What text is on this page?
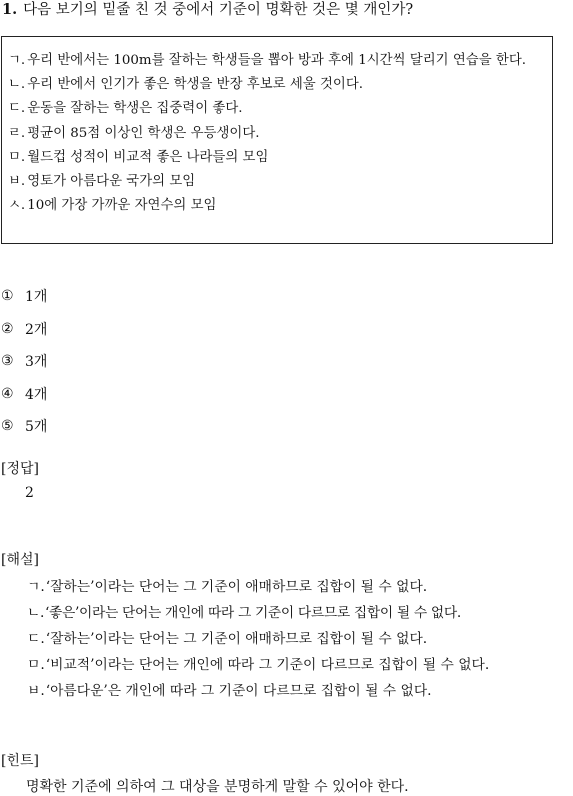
1. 다음 보기의 밑줄 친 것 중에서 기준이 명확한 것은 몇 개인가?
ㄱ. 우리 반에서는 100m를 잘하는 학생들을 뽑아 방과 후에 1시간씩 달리기 연습을 한다.
ㄴ. 우리 반에서 인기가 좋은 학생을 반장 후보로 세울 것이다.
ㄷ. 운동을 잘하는 학생은 집중력이 좋다.
ㄹ. 평균이 85점 이상인 학생은 우등생이다.
ㅁ. 월드컵 성적이 비교적 좋은 나라들의 모임
ㅂ. 영토가 아름다운 국가의 모임
ㅅ. 10에 가장 가까운 자연수의 모임
① 1개
② 2개
③ 3개
④ 4개
⑤ 5개
[정답]
2
[해설]
ㄱ.‘잘하는’이라는 단어는 그 기준이 애매하므로 집합이 될 수 없다.
ㄴ.‘좋은’이라는 단어는 개인에 따라 그 기준이 다르므로 집합이 될 수 없다.
ㄷ.‘잘하는’이라는 단어는 그 기준이 애매하므로 집합이 될 수 없다.
ㅁ.‘비교적’이라는 단어는 개인에 따라 그 기준이 다르므로 집합이 될 수 없다.
ㅂ.‘아름다운’은 개인에 따라 그 기준이 다르므로 집합이 될 수 없다.
[힌트]
명확한 기준에 의하여 그 대상을 분명하게 말할 수 있어야 한다.
